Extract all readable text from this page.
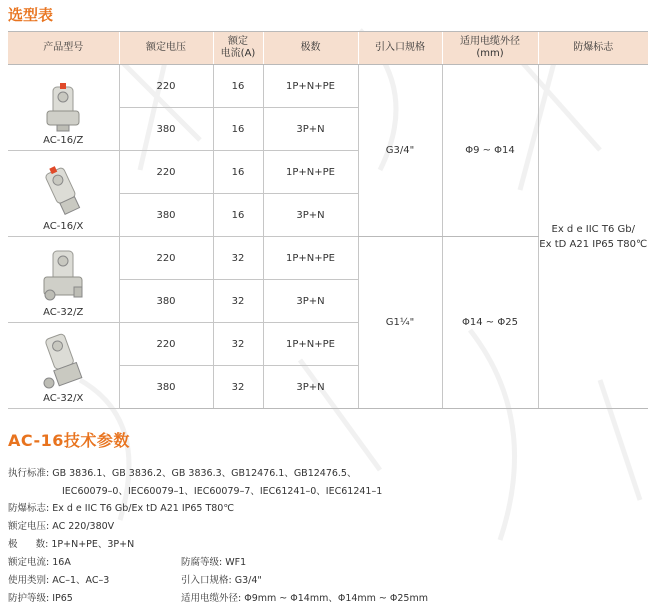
选型表
产品型号	额定电压	额定
电流(A)	极数	引入口规格	适用电缆外径
(mm)	防爆标志

AC-16/Z	220	16	1P+N+PE	G3/4"	Φ9 ~ Φ14	Ex d e IIC T6 Gb/
Ex tD A21 IP65 T80℃
	380	16	3P+N			

AC-16/X	220	16	1P+N+PE			
	380	16	3P+N			

AC-32/Z	220	32	1P+N+PE	G1¼"	Φ14 ~ Φ25	
	380	32	3P+N			

AC-32/X	220	32	1P+N+PE			
	380	32	3P+N			
AC-16技术参数
执行标准: GB 3836.1、GB 3836.2、GB 3836.3、GB12476.1、GB12476.5、
IEC60079–0、IEC60079–1、IEC60079–7、IEC61241–0、IEC61241–1
防爆标志: Ex d e IIC T6 Gb/Ex tD A21 IP65 T80℃
额定电压: AC 220/380V
极      数: 1P+N+PE、3P+N
额定电流: 16A	防腐等级: WF1
使用类别: AC–1、AC–3	引入口规格: G3/4"
防护等级: IP65	适用电缆外径: Φ9mm ~ Φ14mm、Φ14mm ~ Φ25mm
